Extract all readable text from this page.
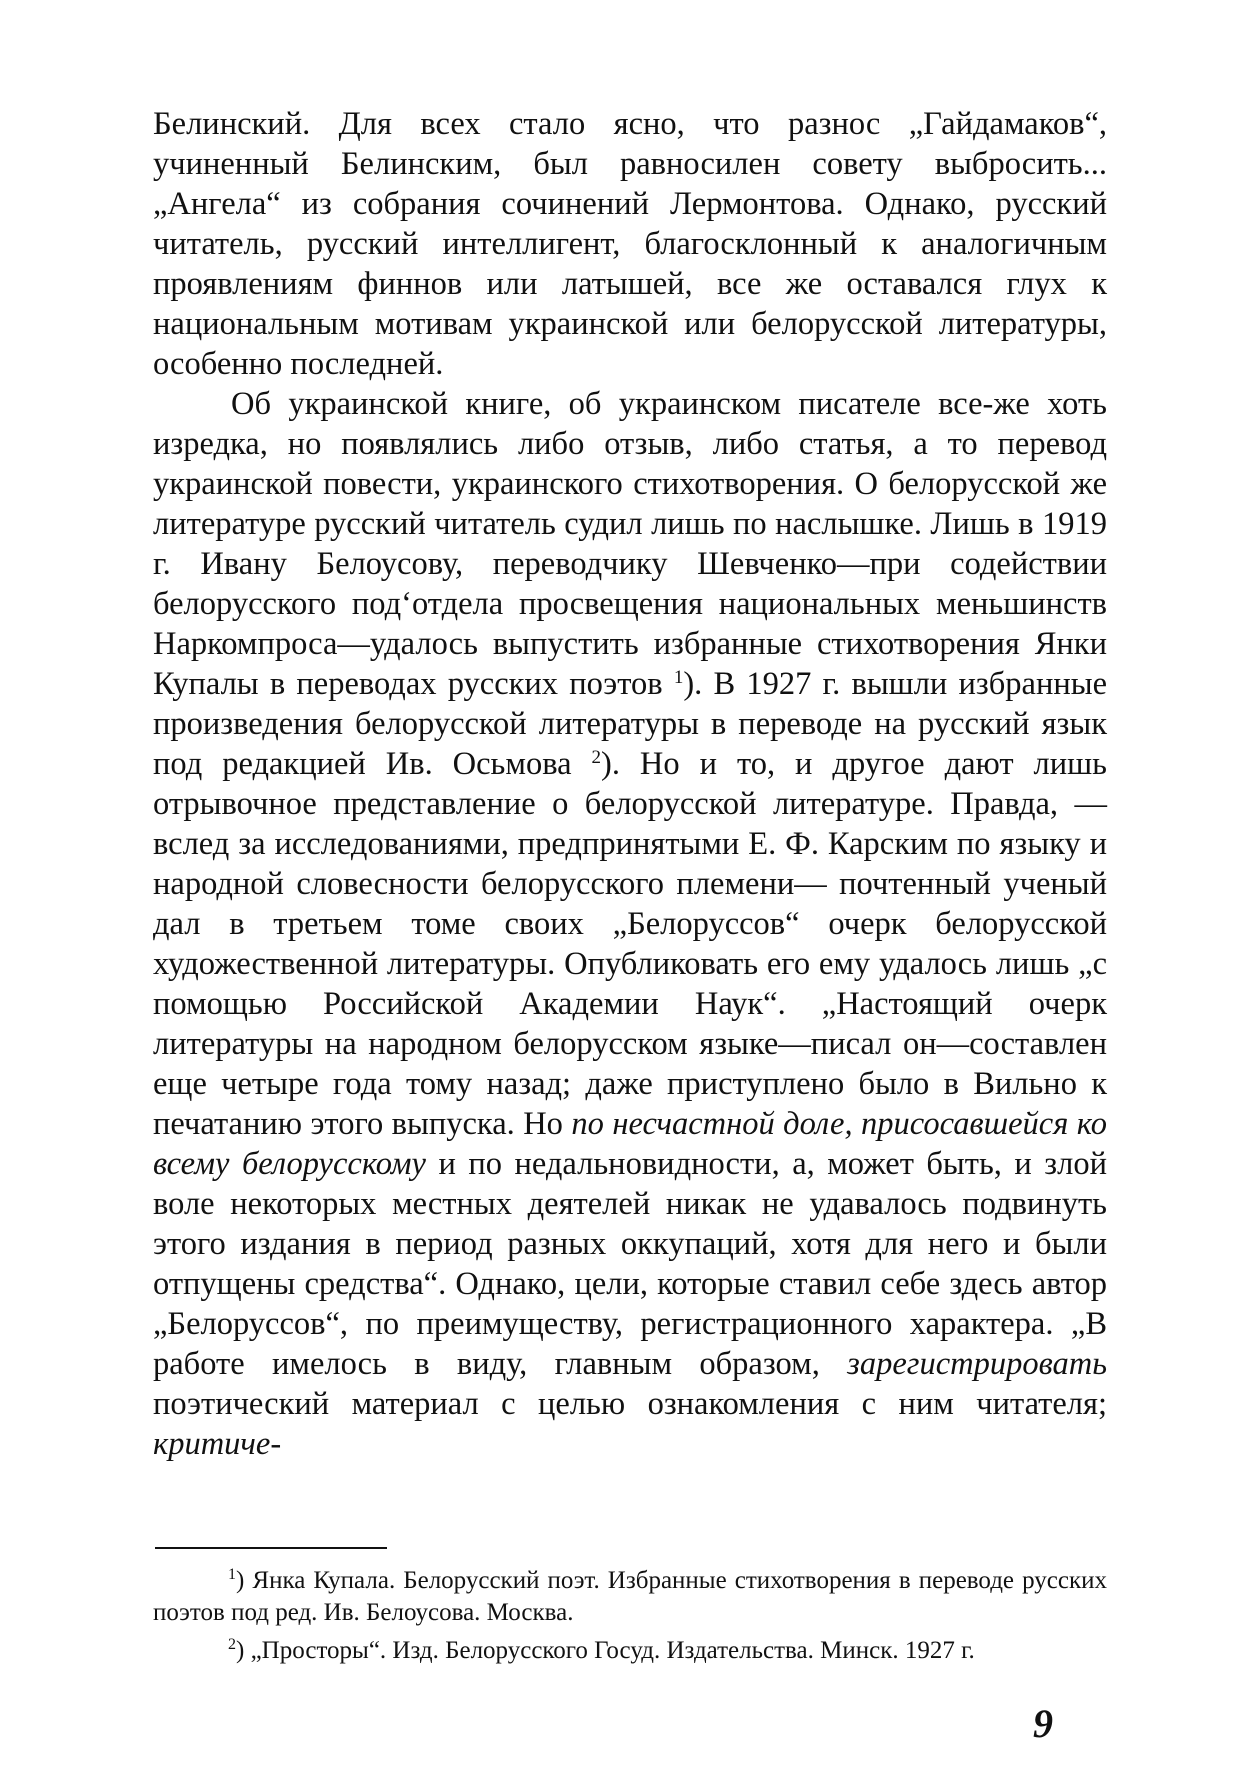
Белинский. Для всех стало ясно, что разнос „Гайдамаков“, учиненный Белинским, был равносилен совету выбросить... „Ангела“ из собрания сочинений Лермонтова. Однако, русский читатель, русский интеллигент, благосклонный к аналогичным проявлениям финнов или латышей, все же оставался глух к национальным мотивам украинской или белорусской литературы, особенно последней.

Об украинской книге, об украинском писателе все-же хоть изредка, но появлялись либо отзыв, либо статья, а то перевод украинской повести, украинского стихотворения. О белорусской же литературе русский читатель судил лишь по наслышке. Лишь в 1919 г. Ивану Белоусову, переводчику Шевченко—при содействии белорусского под‘отдела просвещения национальных меньшинств Наркомпроса—удалось выпустить избранные стихотворения Янки Купалы в переводах русских поэтов $^1$). В 1927 г. вышли избранные произведения белорусской литературы в переводе на русский язык под редакцией Ив. Осьмова $^2$). Но и то, и другое дают лишь отрывочное представление о белорусской литературе. Правда, —вслед за исследованиями, предпринятыми Е. Ф. Карским по языку и народной словесности белорусского племени— почтенный ученый дал в третьем томе своих „Белоруссов“ очерк белорусской художественной литературы. Опубликовать его ему удалось лишь „с помощью Российской Академии Наук“. „Настоящий очерк литературы на народном белорусском языке—писал он—составлен еще четыре года тому назад; даже приступлено было в Вильно к печатанию этого выпуска. Но по несчастной доле, присосавшейся ко всему белорусскому и по недальновидности, а, может быть, и злой воле некоторых местных деятелей никак не удавалось подвинуть этого издания в период разных оккупаций, хотя для него и были отпущены средства“. Однако, цели, которые ставил себе здесь автор „Белоруссов“, по преимуществу, регистрационного характера. „В работе имелось в виду, главным образом, зарегистрировать поэтический материал с целью ознакомления с ним читателя; критиче-

$^1$) Янка Купала. Белорусский поэт. Избранные стихотворения в переводе русских поэтов под ред. Ив. Белоусова. Москва.

$^2$) „Просторы“. Изд. Белорусского Госуд. Издательства. Минск. 1927 г.

9
